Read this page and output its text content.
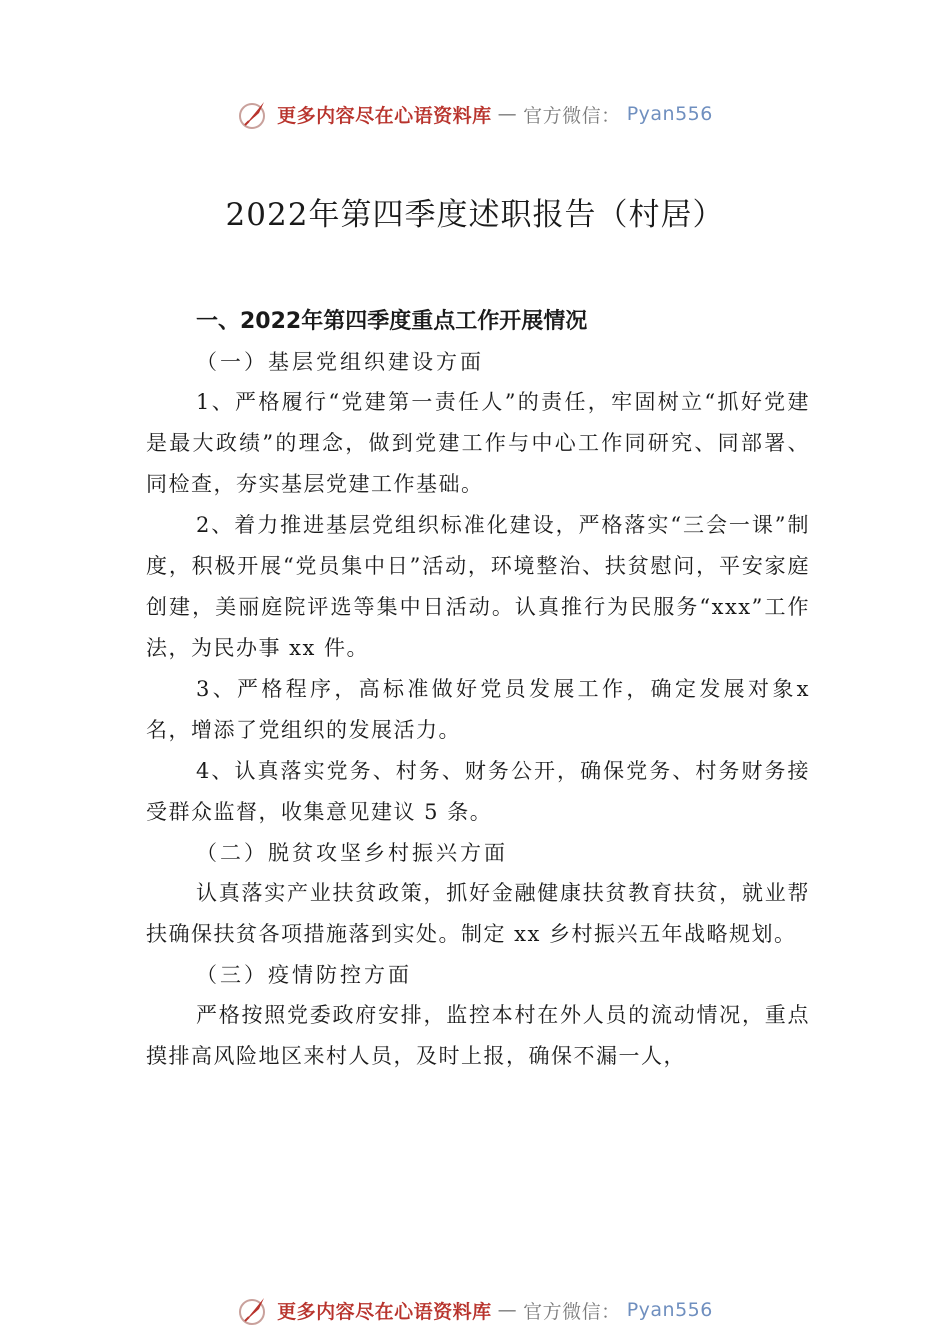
更多内容尽在心语资料库 — 官方微信： Pyan556
2022年第四季度述职报告（村居）
一、2022年第四季度重点工作开展情况
（一）基层党组织建设方面
1、严格履行“党建第一责任人”的责任，牢固树立“抓好党建是最大政绩”的理念，做到党建工作与中心工作同研究、同部署、同检查，夯实基层党建工作基础。
2、着力推进基层党组织标准化建设，严格落实“三会一课”制度，积极开展“党员集中日”活动，环境整治、扶贫慰问，平安家庭创建，美丽庭院评选等集中日活动。认真推行为民服务“xxx”工作法，为民办事 xx 件。
3、严格程序，高标准做好党员发展工作，确定发展对象x 名，增添了党组织的发展活力。
4、认真落实党务、村务、财务公开，确保党务、村务财务接受群众监督，收集意见建议 5 条。
（二）脱贫攻坚乡村振兴方面
认真落实产业扶贫政策，抓好金融健康扶贫教育扶贫，就业帮扶确保扶贫各项措施落到实处。制定 xx 乡村振兴五年战略规划。
（三）疫情防控方面
严格按照党委政府安排，监控本村在外人员的流动情况，重点摸排高风险地区来村人员，及时上报，确保不漏一人，
更多内容尽在心语资料库 — 官方微信： Pyan556
